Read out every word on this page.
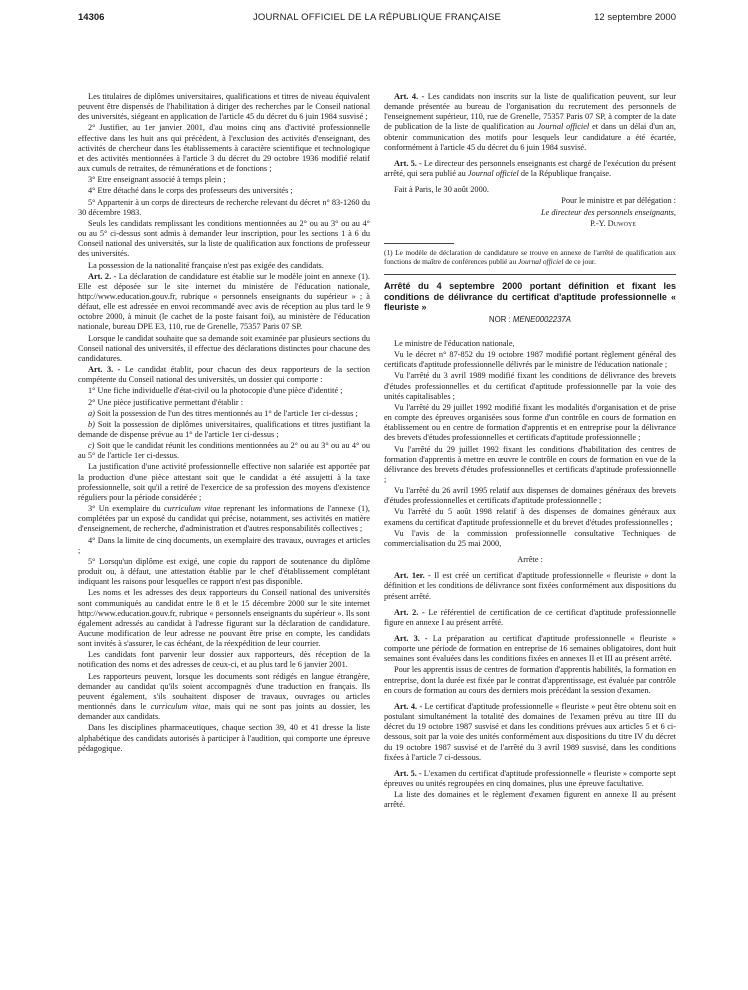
14306	JOURNAL OFFICIEL DE LA RÉPUBLIQUE FRANÇAISE	12 septembre 2000

Les titulaires de diplômes universitaires, qualifications et titres de niveau équivalent peuvent être dispensés de l'habilitation à diriger des recherches par le Conseil national des universités, siégeant en application de l'article 45 du décret du 6 juin 1984 susvisé ;

2° Justifier, au 1er janvier 2001, d'au moins cinq ans d'activité professionnelle effective dans les huit ans qui précèdent, à l'exclusion des activités d'enseignant, des activités de chercheur dans les établissements à caractère scientifique et technologique et des activités mentionnées à l'article 3 du décret du 29 octobre 1936 modifié relatif aux cumuls de retraites, de rémunérations et de fonctions ;

3° Etre enseignant associé à temps plein ;

4° Etre détaché dans le corps des professeurs des universités ;

5° Appartenir à un corps de directeurs de recherche relevant du décret n° 83-1260 du 30 décembre 1983.

Seuls les candidats remplissant les conditions mentionnées au 2° ou au 3° ou au 4° ou au 5° ci-dessus sont admis à demander leur inscription, pour les sections 1 à 6 du Conseil national des universités, sur la liste de qualification aux fonctions de professeur des universités.

La possession de la nationalité française n'est pas exigée des candidats.

Art. 2. - La déclaration de candidature est établie sur le modèle joint en annexe (1). Elle est déposée sur le site internet du ministère de l'éducation nationale, http://www.education.gouv.fr, rubrique « personnels enseignants du supérieur » ; à défaut, elle est adressée en envoi recommandé avec avis de réception au plus tard le 9 octobre 2000, à minuit (le cachet de la poste faisant foi), au ministère de l'éducation nationale, bureau DPE E3, 110, rue de Grenelle, 75357 Paris 07 SP.

Lorsque le candidat souhaite que sa demande soit examinée par plusieurs sections du Conseil national des universités, il effectue des déclarations distinctes pour chacune des candidatures.

Art. 3. - Le candidat établit, pour chacun des deux rapporteurs de la section compétente du Conseil national des universités, un dossier qui comporte :

1° Une fiche individuelle d'état-civil ou la photocopie d'une pièce d'identité ;

2° Une pièce justificative permettant d'établir :

a) Soit la possession de l'un des titres mentionnés au 1° de l'article 1er ci-dessus ;

b) Soit la possession de diplômes universitaires, qualifications et titres justifiant la demande de dispense prévue au 1° de l'article 1er ci-dessus ;

c) Soit que le candidat réunit les conditions mentionnées au 2° ou au 3° ou au 4° ou au 5° de l'article 1er ci-dessus.

La justification d'une activité professionnelle effective non salariée est apportée par la production d'une pièce attestant soit que le candidat a été assujetti à la taxe professionnelle, soit qu'il a retiré de l'exercice de sa profession des moyens d'existence réguliers pour la période considérée ;

3° Un exemplaire du curriculum vitae reprenant les informations de l'annexe (1), complétées par un exposé du candidat qui précise, notamment, ses activités en matière d'enseignement, de recherche, d'administration et d'autres responsabilités collectives ;

4° Dans la limite de cinq documents, un exemplaire des travaux, ouvrages et articles ;

5° Lorsqu'un diplôme est exigé, une copie du rapport de soutenance du diplôme produit ou, à défaut, une attestation établie par le chef d'établissement complétant indiquant les raisons pour lesquelles ce rapport n'est pas disponible.

Les noms et les adresses des deux rapporteurs du Conseil national des universités sont communiqués au candidat entre le 8 et le 15 décembre 2000 sur le site internet http://www.education.gouv.fr, rubrique « personnels enseignants du supérieur ». Ils sont également adressés au candidat à l'adresse figurant sur la déclaration de candidature. Aucune modification de leur adresse ne pouvant être prise en compte, les candidats sont invités à s'assurer, le cas échéant, de la réexpédition de leur courrier.

Les candidats font parvenir leur dossier aux rapporteurs, dès réception de la notification des noms et des adresses de ceux-ci, et au plus tard le 6 janvier 2001.

Les rapporteurs peuvent, lorsque les documents sont rédigés en langue étrangère, demander au candidat qu'ils soient accompagnés d'une traduction en français. Ils peuvent également, s'ils souhaitent disposer de travaux, ouvrages ou articles mentionnés dans le curriculum vitae, mais qui ne sont pas joints au dossier, les demander aux candidats.

Dans les disciplines pharmaceutiques, chaque section 39, 40 et 41 dresse la liste alphabétique des candidats autorisés à participer à l'audition, qui comporte une épreuve pédagogique.

Art. 4. - Les candidats non inscrits sur la liste de qualification peuvent, sur leur demande présentée au bureau de l'organisation du recrutement des personnels de l'enseignement supérieur, 110, rue de Grenelle, 75357 Paris 07 SP, à compter de la date de publication de la liste de qualification au Journal officiel et dans un délai d'un an, obtenir communication des motifs pour lesquels leur candidature a été écartée, conformément à l'article 45 du décret du 6 juin 1984 susvisé.

Art. 5. - Le directeur des personnels enseignants est chargé de l'exécution du présent arrêté, qui sera publié au Journal officiel de la République française.

Fait à Paris, le 30 août 2000.

Pour le ministre et par délégation :

Le directeur des personnels enseignants,

P.-Y. Duwoye

(1) Le modèle de déclaration de candidature se trouve en annexe de l'arrêté de qualification aux fonctions de maître de conférences publié au Journal officiel de ce jour.

Arrêté du 4 septembre 2000 portant définition et fixant les conditions de délivrance du certificat d'aptitude professionnelle « fleuriste »

NOR : MENE0002237A

Le ministre de l'éducation nationale,

Vu le décret n° 87-852 du 19 octobre 1987 modifié portant règlement général des certificats d'aptitude professionnelle délivrés par le ministre de l'éducation nationale ;

Vu l'arrêté du 3 avril 1989 modifié fixant les conditions de délivrance des brevets d'études professionnelles et du certificat d'aptitude professionnelle par la voie des unités capitalisables ;

Vu l'arrêté du 29 juillet 1992 modifié fixant les modalités d'organisation et de prise en compte des épreuves organisées sous forme d'un contrôle en cours de formation en établissement ou en centre de formation d'apprentis et en entreprise pour la délivrance des brevets d'études professionnelles et certificats d'aptitude professionnelle ;

Vu l'arrêté du 29 juillet 1992 fixant les conditions d'habilitation des centres de formation d'apprentis à mettre en œuvre le contrôle en cours de formation en vue de la délivrance des brevets d'études professionnelles et certificats d'aptitude professionnelle ;

Vu l'arrêté du 26 avril 1995 relatif aux dispenses de domaines généraux des brevets d'études professionnelles et certificats d'aptitude professionnelle ;

Vu l'arrêté du 5 août 1998 relatif à des dispenses de domaines généraux aux examens du certificat d'aptitude professionnelle et du brevet d'études professionnelles ;

Vu l'avis de la commission professionnelle consultative Techniques de commercialisation du 25 mai 2000,

Arrête :

Art. 1er. - Il est créé un certificat d'aptitude professionnelle « fleuriste » dont la définition et les conditions de délivrance sont fixées conformément aux dispositions du présent arrêté.

Art. 2. - Le référentiel de certification de ce certificat d'aptitude professionnelle figure en annexe I au présent arrêté.

Art. 3. - La préparation au certificat d'aptitude professionnelle « fleuriste » comporte une période de formation en entreprise de 16 semaines obligatoires, dont huit semaines sont évaluées dans les conditions fixées en annexes II et III au présent arrêté.

Pour les apprentis issus de centres de formation d'apprentis habilités, la formation en entreprise, dont la durée est fixée par le contrat d'apprentissage, est évaluée par contrôle en cours de formation au cours des derniers mois précédant la session d'examen.

Art. 4. - Le certificat d'aptitude professionnelle « fleuriste » peut être obtenu soit en postulant simultanément la totalité des domaines de l'examen prévu au titre III du décret du 19 octobre 1987 susvisé et dans les conditions prévues aux articles 5 et 6 ci-dessous, soit par la voie des unités conformément aux dispositions du titre IV du décret du 19 octobre 1987 susvisé et de l'arrêté du 3 avril 1989 susvisé, dans les conditions fixées à l'article 7 ci-dessous.

Art. 5. - L'examen du certificat d'aptitude professionnelle « fleuriste » comporte sept épreuves ou unités regroupées en cinq domaines, plus une épreuve facultative.

La liste des domaines et le règlement d'examen figurent en annexe II au présent arrêté.
